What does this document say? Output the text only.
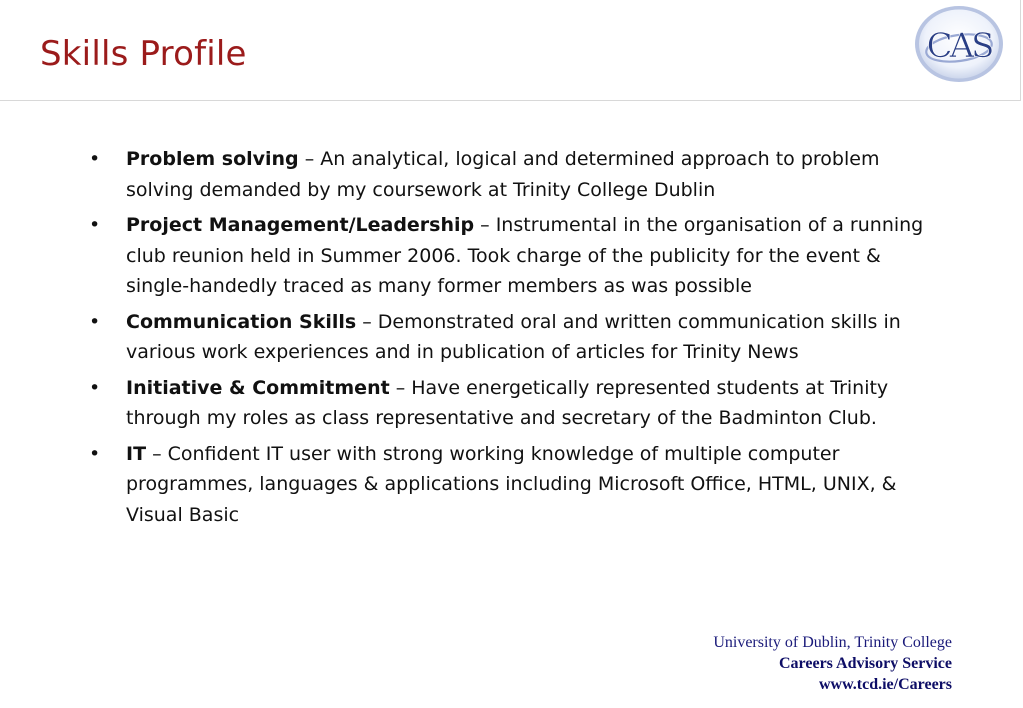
Skills Profile	CAS
• Problem solving – An analytical, logical and determined approach to problem solving demanded by my coursework at Trinity College Dublin
• Project Management/Leadership – Instrumental in the organisation of a running club reunion held in Summer 2006. Took charge of the publicity for the event & single-handedly traced as many former members as was possible
• Communication Skills – Demonstrated oral and written communication skills in various work experiences and in publication of articles for Trinity News
• Initiative & Commitment – Have energetically represented students at Trinity through my roles as class representative and secretary of the Badminton Club.
• IT – Confident IT user with strong working knowledge of multiple computer programmes, languages & applications including Microsoft Office, HTML, UNIX, & Visual Basic
University of Dublin, Trinity College
Careers Advisory Service
www.tcd.ie/Careers
